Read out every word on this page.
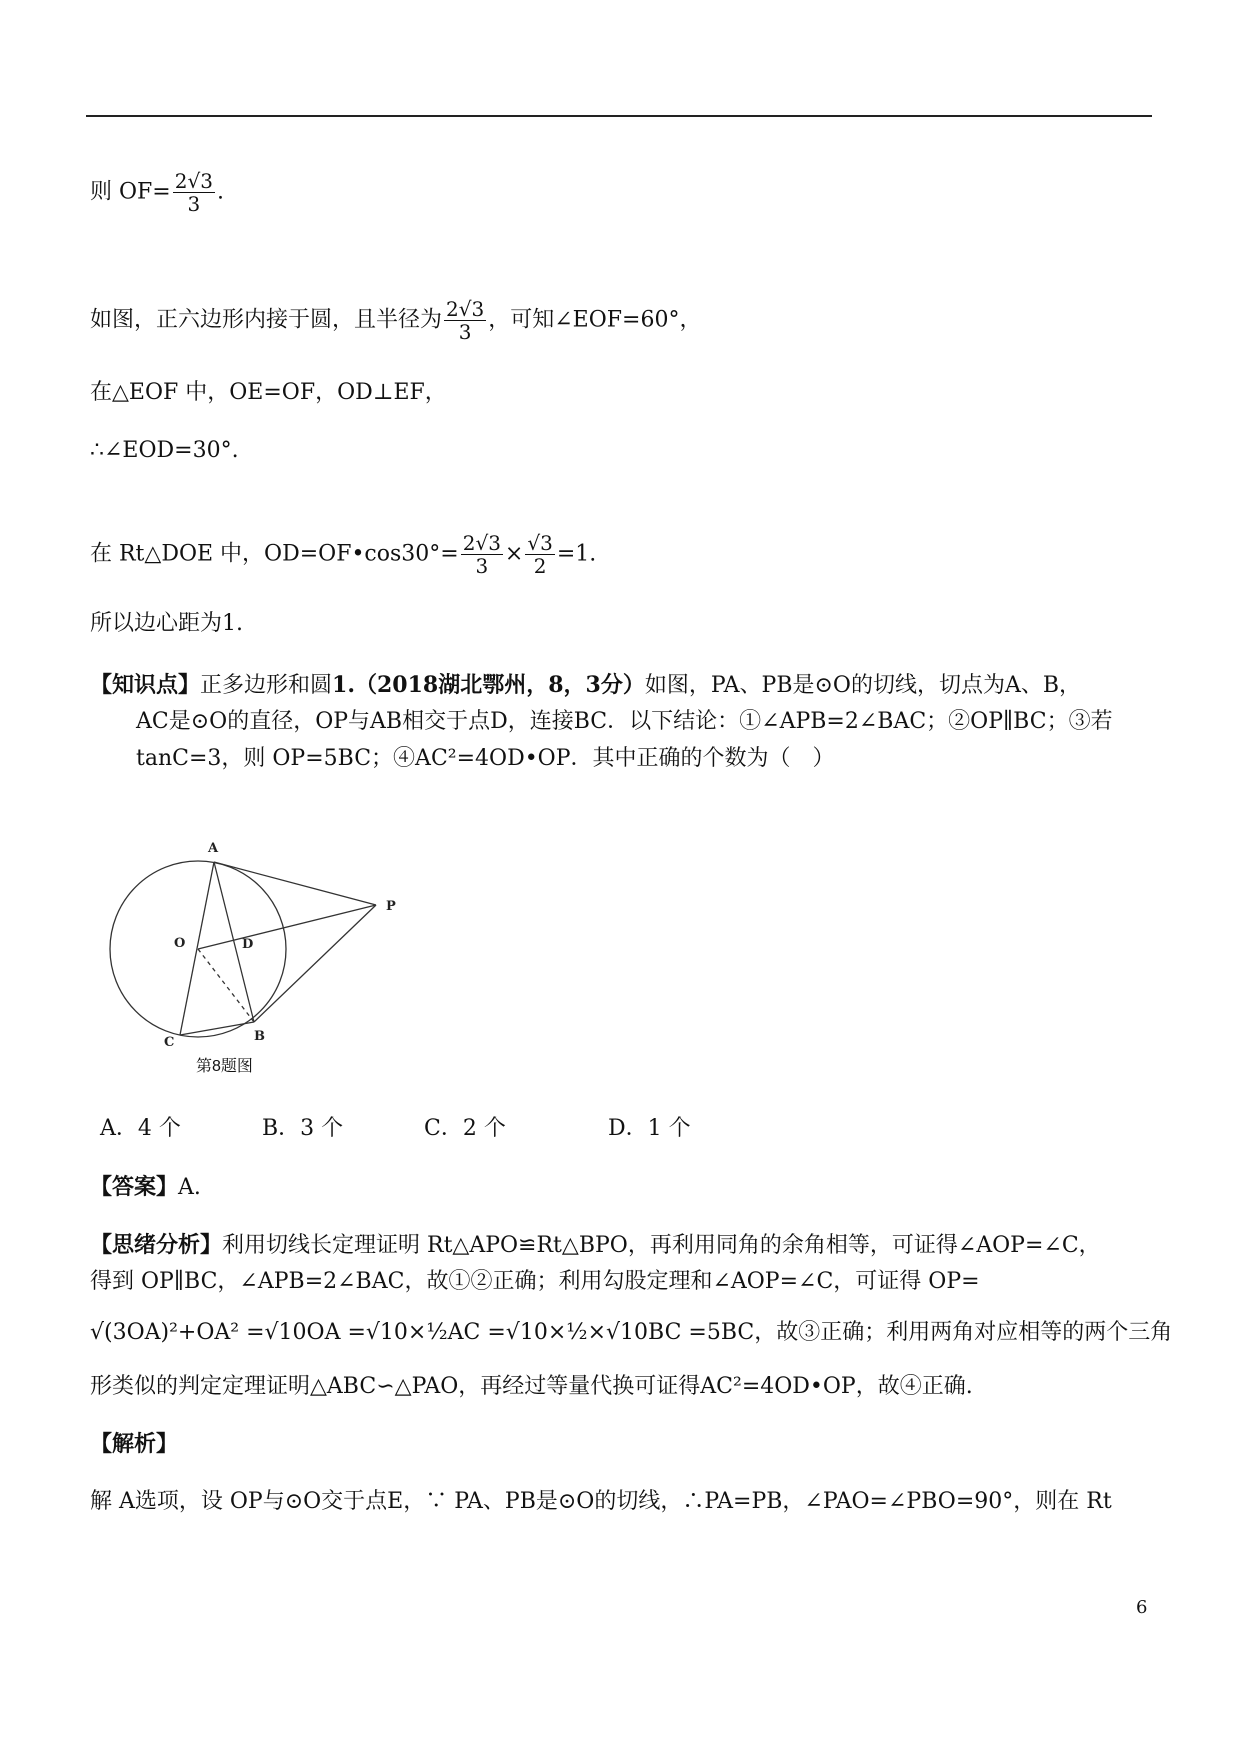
则 $OF= \frac{2√3}{3}$ .
如图，正六边形内接于圆，且半径为 $\frac{2√3}{3}$ ，可知∠EOF=60°，
在△EOF 中，OE=OF，OD⊥EF，
∴∠EOD=30°.
在 Rt△DOE 中，OD=OF•cos30°= $\frac{2√3}{3} \times \frac{√3}{2} =1$.
所以边心距为1.
【知识点】正多边形和圆1.（2018湖北鄂州，8，3分）如图，PA、PB是⊙O的切线，切点为A、B，
AC是⊙O的直径，OP与AB相交于点D，连接BC．以下结论：①∠APB=2∠BAC；②OP∥BC；③若
tanC=3，则 OP=5BC；④AC²=4OD•OP．其中正确的个数为（　）
A
P
O	D
B
C
第8题图
A．4 个	B．3 个	C．2 个	D．1 个
【答案】A.
【思绪分析】利用切线长定理证明 Rt△APO≌Rt△BPO，再利用同角的余角相等，可证得∠AOP=∠C，
得到 OP∥BC，∠APB=2∠BAC，故①②正确；利用勾股定理和∠AOP=∠C，可证得 OP=
√(3OA)²+OA² =√10OA =√10×½AC =√10×½×√10BC =5BC，故③正确；利用两角对应相等的两个三角
形类似的判定定理证明△ABC∽△PAO，再经过等量代换可证得AC²=4OD•OP，故④正确.
【解析】
解 A选项，设 OP与⊙O交于点E，∵ PA、PB是⊙O的切线，∴PA=PB，∠PAO=∠PBO=90°，则在 Rt
6
